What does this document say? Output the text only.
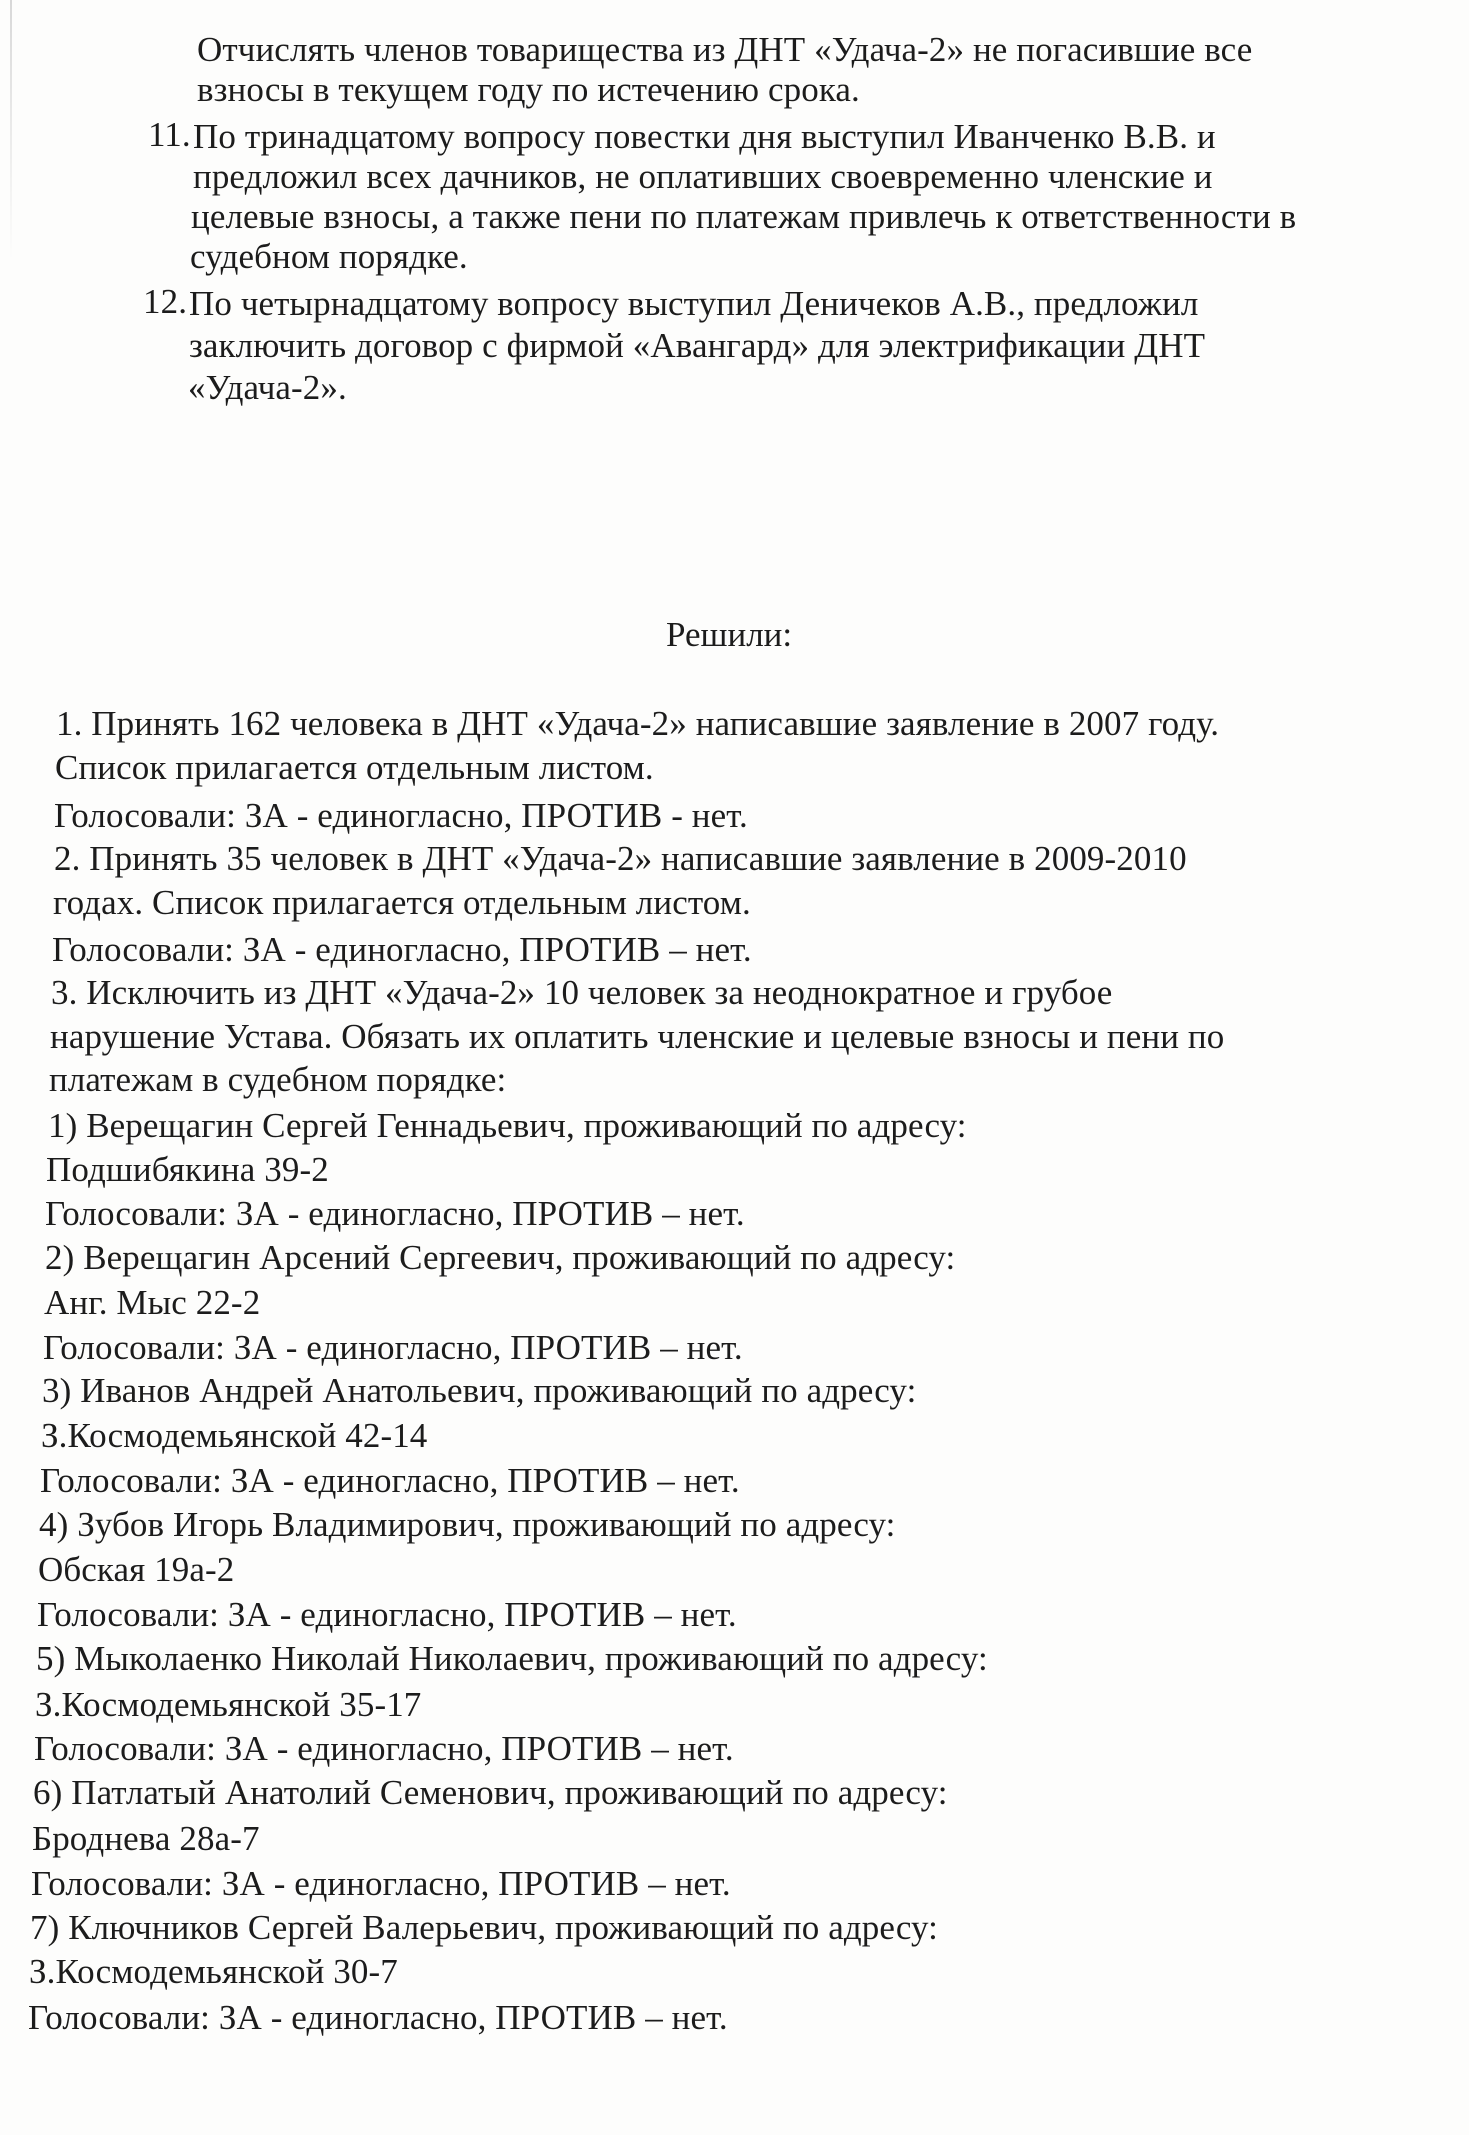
Отчислять членов товарищества из ДНТ «Удача-2» не погасившие все
взносы в текущем году по истечению срока.
11. По тринадцатому вопросу повестки дня выступил Иванченко В.В. и
предложил всех дачников, не оплативших своевременно членские и
целевые взносы, а также пени по платежам привлечь к ответственности в
судебном порядке.
12. По четырнадцатому вопросу выступил Деничеков А.В., предложил
заключить договор с фирмой «Авангард» для электрификации ДНТ
«Удача-2».
Решили:
1. Принять 162 человека в ДНТ «Удача-2» написавшие заявление в 2007 году.
Список прилагается отдельным листом.
Голосовали: ЗА - единогласно, ПРОТИВ - нет.
2. Принять 35 человек в ДНТ «Удача-2» написавшие заявление в 2009-2010
годах. Список прилагается отдельным листом.
Голосовали: ЗА - единогласно, ПРОТИВ – нет.
3. Исключить из ДНТ «Удача-2» 10 человек за неоднократное и грубое
нарушение Устава. Обязать их оплатить членские и целевые взносы и пени по
платежам в судебном порядке:
1) Верещагин Сергей Геннадьевич, проживающий по адресу:
Подшибякина 39-2
Голосовали: ЗА - единогласно, ПРОТИВ – нет.
2) Верещагин Арсений Сергеевич, проживающий по адресу:
Анг. Мыс 22-2
Голосовали: ЗА - единогласно, ПРОТИВ – нет.
3) Иванов Андрей Анатольевич, проживающий по адресу:
З.Космодемьянской 42-14
Голосовали: ЗА - единогласно, ПРОТИВ – нет.
4) Зубов Игорь Владимирович, проживающий по адресу:
Обская 19а-2
Голосовали: ЗА - единогласно, ПРОТИВ – нет.
5) Мыколаенко Николай Николаевич, проживающий по адресу:
З.Космодемьянской 35-17
Голосовали: ЗА - единогласно, ПРОТИВ – нет.
6) Патлатый Анатолий Семенович, проживающий по адресу:
Броднева 28а-7
Голосовали: ЗА - единогласно, ПРОТИВ – нет.
7) Ключников Сергей Валерьевич, проживающий по адресу:
З.Космодемьянской 30-7
Голосовали: ЗА - единогласно, ПРОТИВ – нет.
